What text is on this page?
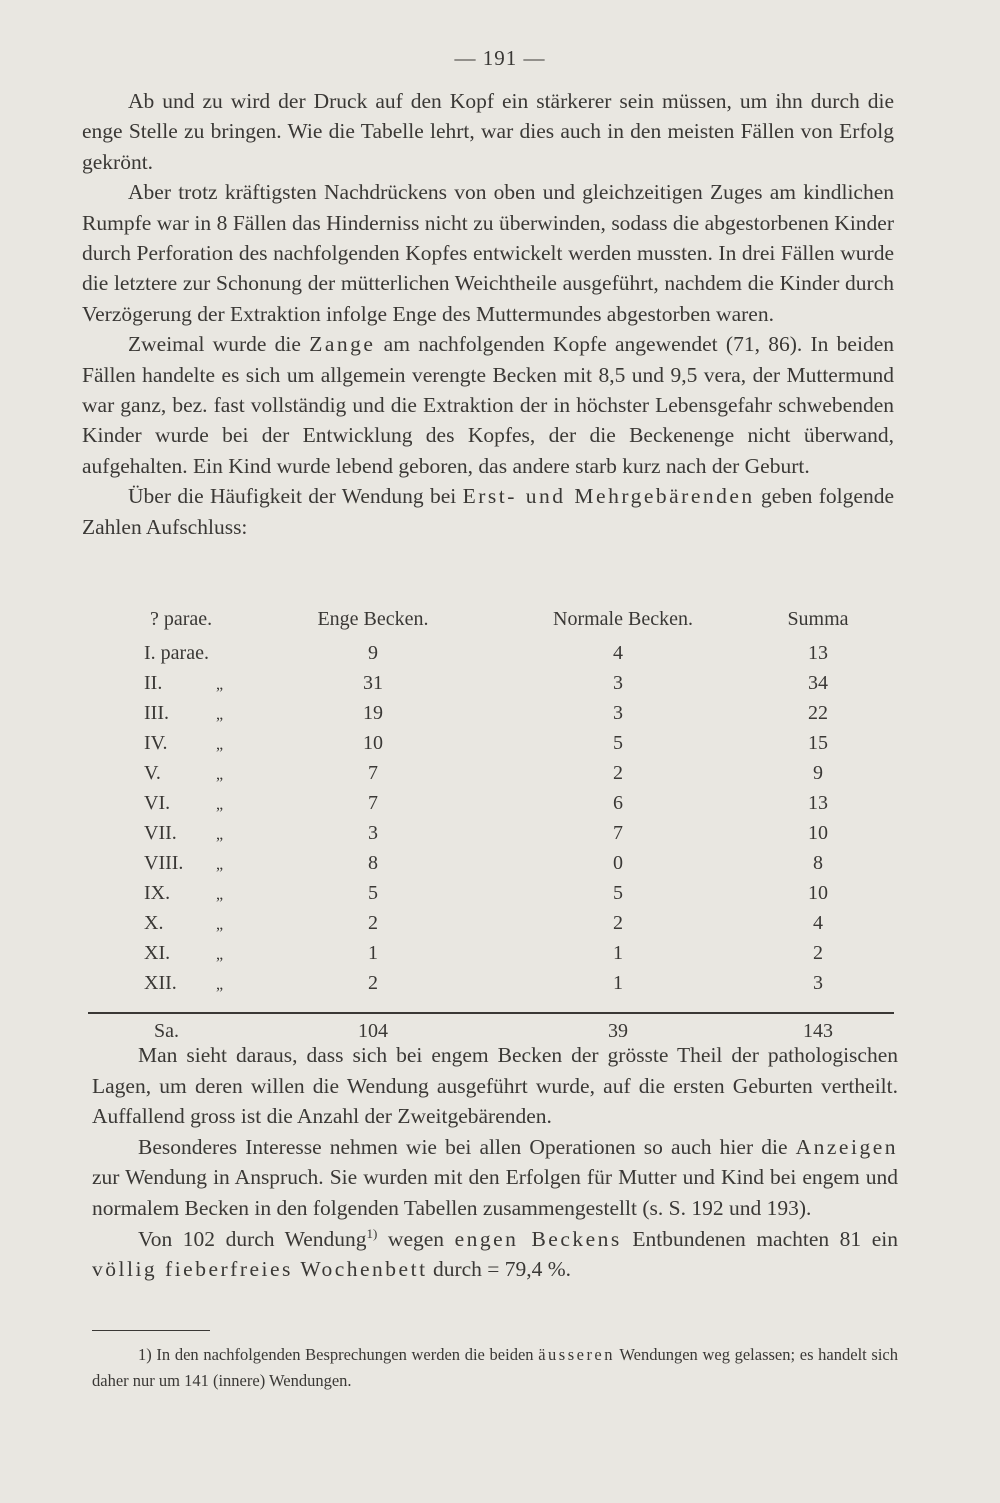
— 191 —

Ab und zu wird der Druck auf den Kopf ein stärkerer sein müssen, um ihn durch die enge Stelle zu bringen. Wie die Tabelle lehrt, war dies auch in den meisten Fällen von Erfolg gekrönt.

Aber trotz kräftigsten Nachdrückens von oben und gleichzeitigen Zuges am kindlichen Rumpfe war in 8 Fällen das Hinderniss nicht zu überwinden, sodass die abgestorbenen Kinder durch Perforation des nachfolgenden Kopfes entwickelt werden mussten. In drei Fällen wurde die letztere zur Schonung der mütterlichen Weichtheile ausgeführt, nachdem die Kinder durch Verzögerung der Extraktion infolge Enge des Muttermundes abgestorben waren.

Zweimal wurde die Zange am nachfolgenden Kopfe angewendet (71, 86). In beiden Fällen handelte es sich um allgemein verengte Becken mit 8,5 und 9,5 vera, der Muttermund war ganz, bez. fast vollständig und die Extraktion der in höchster Lebensgefahr schwebenden Kinder wurde bei der Entwicklung des Kopfes, der die Beckenenge nicht überwand, aufgehalten. Ein Kind wurde lebend geboren, das andere starb kurz nach der Geburt.

Über die Häufigkeit der Wendung bei Erst- und Mehrgebärenden geben folgende Zahlen Aufschluss:

? parae.	Enge Becken.	Normale Becken.	Summa
I. parae.	9	4	13
II.	„	31	3	34
III.	„	19	3	22
IV.	„	10	5	15
V.	„	7	2	9
VI.	„	7	6	13
VII. „	3	7	10
VIII. „	8	0	8
IX.	„	5	5	10
X.	„	2	2	4
XI.	„	1	1	2
XII. „	2	1	3
Sa.	104	39	143

Man sieht daraus, dass sich bei engem Becken der grösste Theil der pathologischen Lagen, um deren willen die Wendung ausgeführt wurde, auf die ersten Geburten vertheilt. Auffallend gross ist die Anzahl der Zweitgebärenden.

Besonderes Interesse nehmen wie bei allen Operationen so auch hier die Anzeigen zur Wendung in Anspruch. Sie wurden mit den Erfolgen für Mutter und Kind bei engem und normalem Becken in den folgenden Tabellen zusammengestellt (s. S. 192 und 193).

Von 102 durch Wendung$^{1)}$ wegen engen Beckens Entbundenen machten 81 ein völlig fieberfreies Wochenbett durch = 79,4 %.

1) In den nachfolgenden Besprechungen werden die beiden äusseren Wendungen weg gelassen; es handelt sich daher nur um 141 (innere) Wendungen.
